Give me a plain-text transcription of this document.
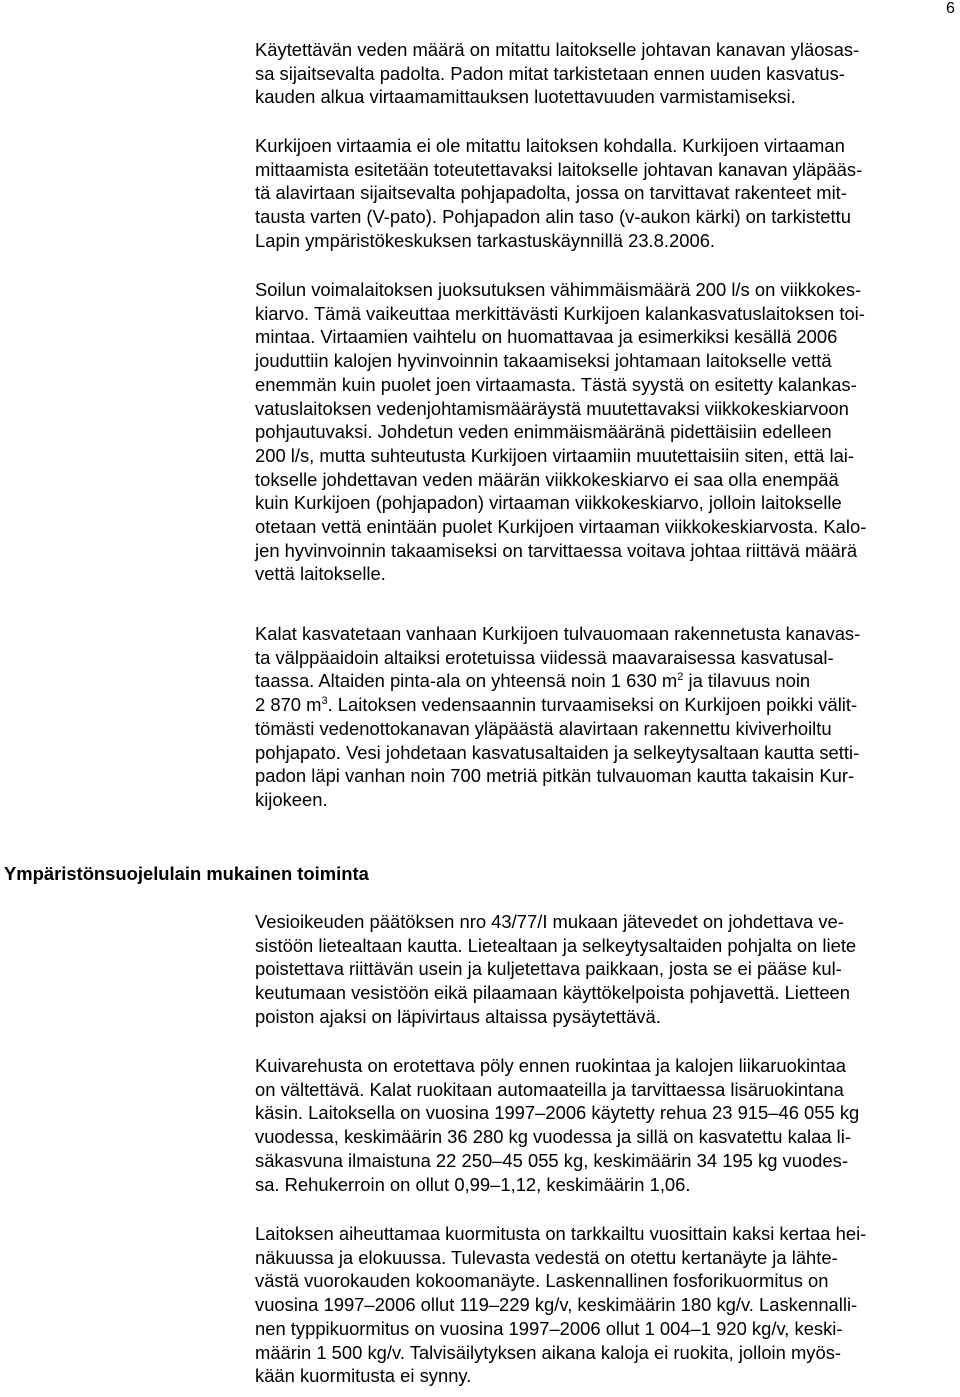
6

Käytettävän veden määrä on mitattu laitokselle johtavan kanavan yläosas-
sa sijaitsevalta padolta. Padon mitat tarkistetaan ennen uuden kasvatus-
kauden alkua virtaamamittauksen luotettavuuden varmistamiseksi.

Kurkijoen virtaamia ei ole mitattu laitoksen kohdalla. Kurkijoen virtaaman
mittaamista esitetään toteutettavaksi laitokselle johtavan kanavan yläpääs-
tä alavirtaan sijaitsevalta pohjapadolta, jossa on tarvittavat rakenteet mit-
tausta varten (V-pato). Pohjapadon alin taso (v-aukon kärki) on tarkistettu
Lapin ympäristökeskuksen tarkastuskäynnillä 23.8.2006.

Soilun voimalaitoksen juoksutuksen vähimmäismäärä 200 l/s on viikkokes-
kiarvo. Tämä vaikeuttaa merkittävästi Kurkijoen kalankasvatuslaitoksen toi-
mintaa. Virtaamien vaihtelu on huomattavaa ja esimerkiksi kesällä 2006
jouduttiin kalojen hyvinvoinnin takaamiseksi johtamaan laitokselle vettä
enemmän kuin puolet joen virtaamasta. Tästä syystä on esitetty kalankas-
vatuslaitoksen vedenjohtamismääräystä muutettavaksi viikkokeskiarvoon
pohjautuvaksi. Johdetun veden enimmäismääränä pidettäisiin edelleen
200 l/s, mutta suhteutusta Kurkijoen virtaamiin muutettaisiin siten, että lai-
tokselle johdettavan veden määrän viikkokeskiarvo ei saa olla enempää
kuin Kurkijoen (pohjapadon) virtaaman viikkokeskiarvo, jolloin laitokselle
otetaan vettä enintään puolet Kurkijoen virtaaman viikkokeskiarvosta. Kalo-
jen hyvinvoinnin takaamiseksi on tarvittaessa voitava johtaa riittävä määrä
vettä laitokselle.

Kalat kasvatetaan vanhaan Kurkijoen tulvauomaan rakennetusta kanavas-
ta välppäaidoin altaiksi erotetuissa viidessä maavaraisessa kasvatusal-
taassa. Altaiden pinta-ala on yhteensä noin 1 630 $m^2$ ja tilavuus noin
2 870 $m^3$. Laitoksen vedensaannin turvaamiseksi on Kurkijoen poikki välit-
tömästi vedenottokanavan yläpäästä alavirtaan rakennettu kiviverhoiltu
pohjapato. Vesi johdetaan kasvatusaltaiden ja selkeytysaltaan kautta setti-
padon läpi vanhan noin 700 metriä pitkän tulvauoman kautta takaisin Kur-
kijokeen.

Ympäristönsuojelulain mukainen toiminta

Vesioikeuden päätöksen nro 43/77/I mukaan jätevedet on johdettava ve-
sistöön lietealtaan kautta. Lietealtaan ja selkeytysaltaiden pohjalta on liete
poistettava riittävän usein ja kuljetettava paikkaan, josta se ei pääse kul-
keutumaan vesistöön eikä pilaamaan käyttökelpoista pohjavettä. Lietteen
poiston ajaksi on läpivirtaus altaissa pysäytettävä.

Kuivarehusta on erotettava pöly ennen ruokintaa ja kalojen liikaruokintaa
on vältettävä. Kalat ruokitaan automaateilla ja tarvittaessa lisäruokintana
käsin. Laitoksella on vuosina 1997–2006 käytetty rehua 23 915–46 055 kg
vuodessa, keskimäärin 36 280 kg vuodessa ja sillä on kasvatettu kalaa li-
säkasvuna ilmaistuna 22 250–45 055 kg, keskimäärin 34 195 kg vuodes-
sa. Rehukerroin on ollut 0,99–1,12, keskimäärin 1,06.

Laitoksen aiheuttamaa kuormitusta on tarkkailtu vuosittain kaksi kertaa hei-
näkuussa ja elokuussa. Tulevasta vedestä on otettu kertanäyte ja lähte-
västä vuorokauden kokoomanäyte. Laskennallinen fosforikuormitus on
vuosina 1997–2006 ollut 119–229 kg/v, keskimäärin 180 kg/v. Laskennalli-
nen typpikuormitus on vuosina 1997–2006 ollut 1 004–1 920 kg/v, keski-
määrin 1 500 kg/v. Talvisäilytyksen aikana kaloja ei ruokita, jolloin myös-
kään kuormitusta ei synny.
